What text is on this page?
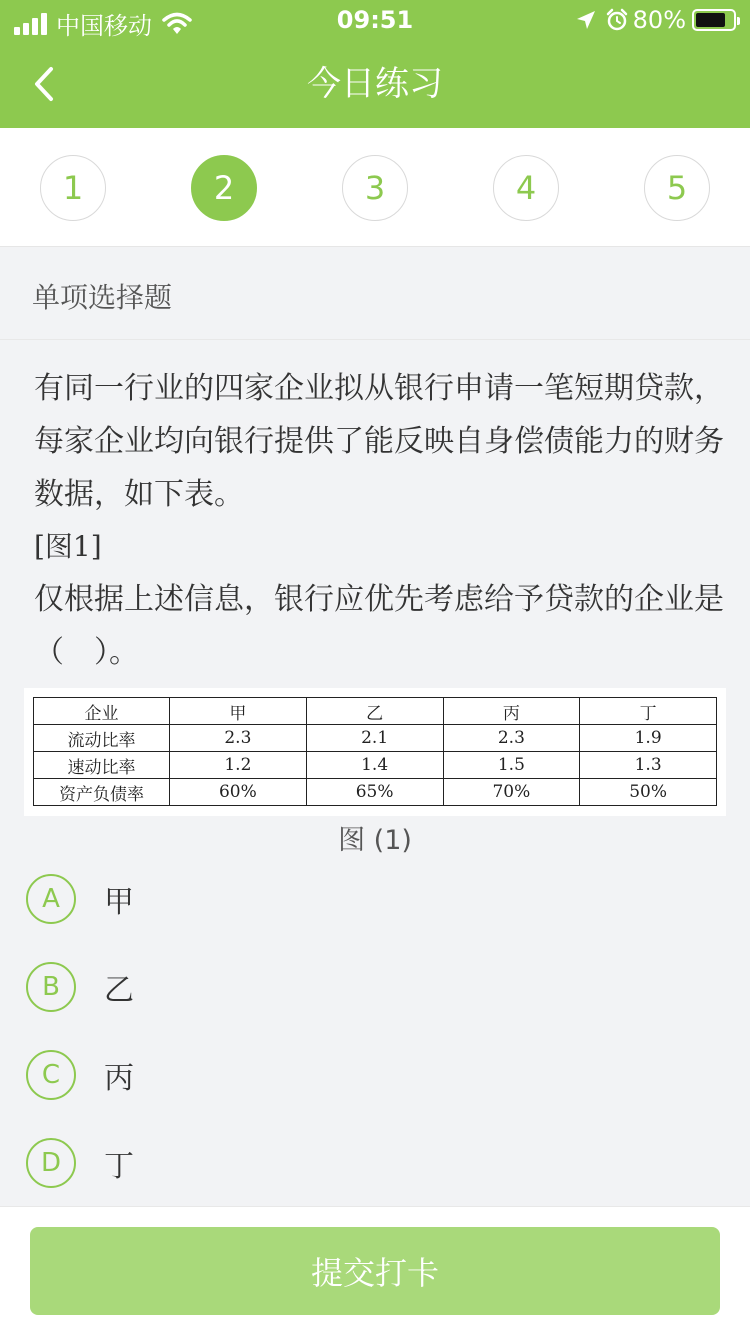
中国移动	09:51	80%
今日练习
1	2	3	4	5
单项选择题
有同一行业的四家企业拟从银行申请一笔短期贷款，每家企业均向银行提供了能反映自身偿债能力的财务数据，如下表。
[图1]
仅根据上述信息，银行应优先考虑给予贷款的企业是（　）。
企业	甲	乙	丙	丁
流动比率	2.3	2.1	2.3	1.9
速动比率	1.2	1.4	1.5	1.3
资产负债率	60%	65%	70%	50%
图 (1)
A	甲
B	乙
C	丙
D	丁
提交打卡
